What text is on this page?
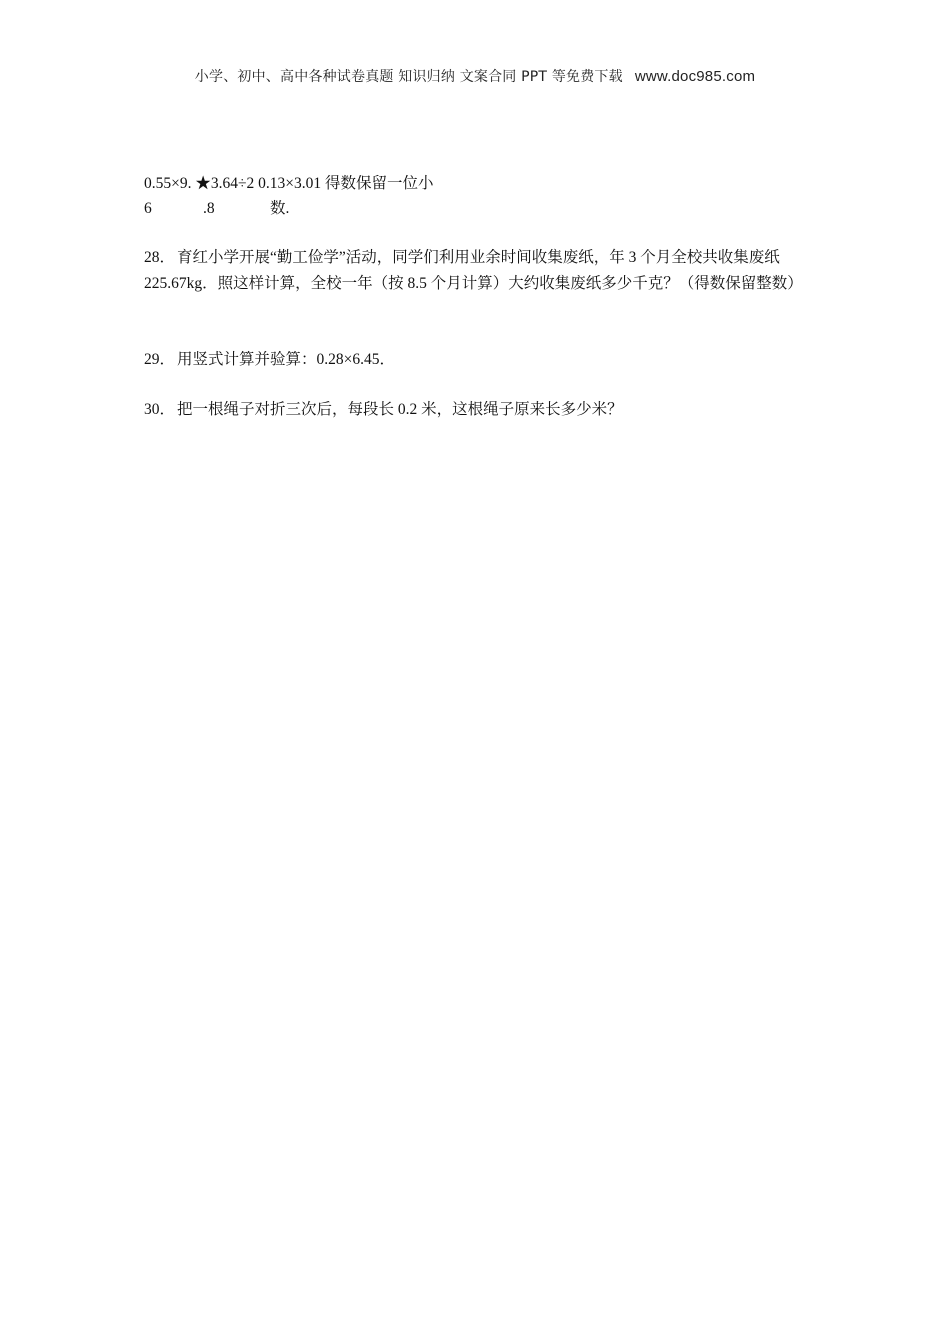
小学、初中、高中各种试卷真题 知识归纳 文案合同 PPT 等免费下载 www.doc985.com
0.55×9. ★3.64÷2 0.13×3.01 得数保留一位小
6	.8	数.
28． 育红小学开展“勤工俭学”活动，同学们利用业余时间收集废纸，年 3 个月全校共收集废纸 225.67kg．照这样计算，全校一年（按 8.5 个月计算）大约收集废纸多少千克？（得数保留整数）
29． 用竖式计算并验算：0.28×6.45．
30． 把一根绳子对折三次后，每段长 0.2 米，这根绳子原来长多少米？
